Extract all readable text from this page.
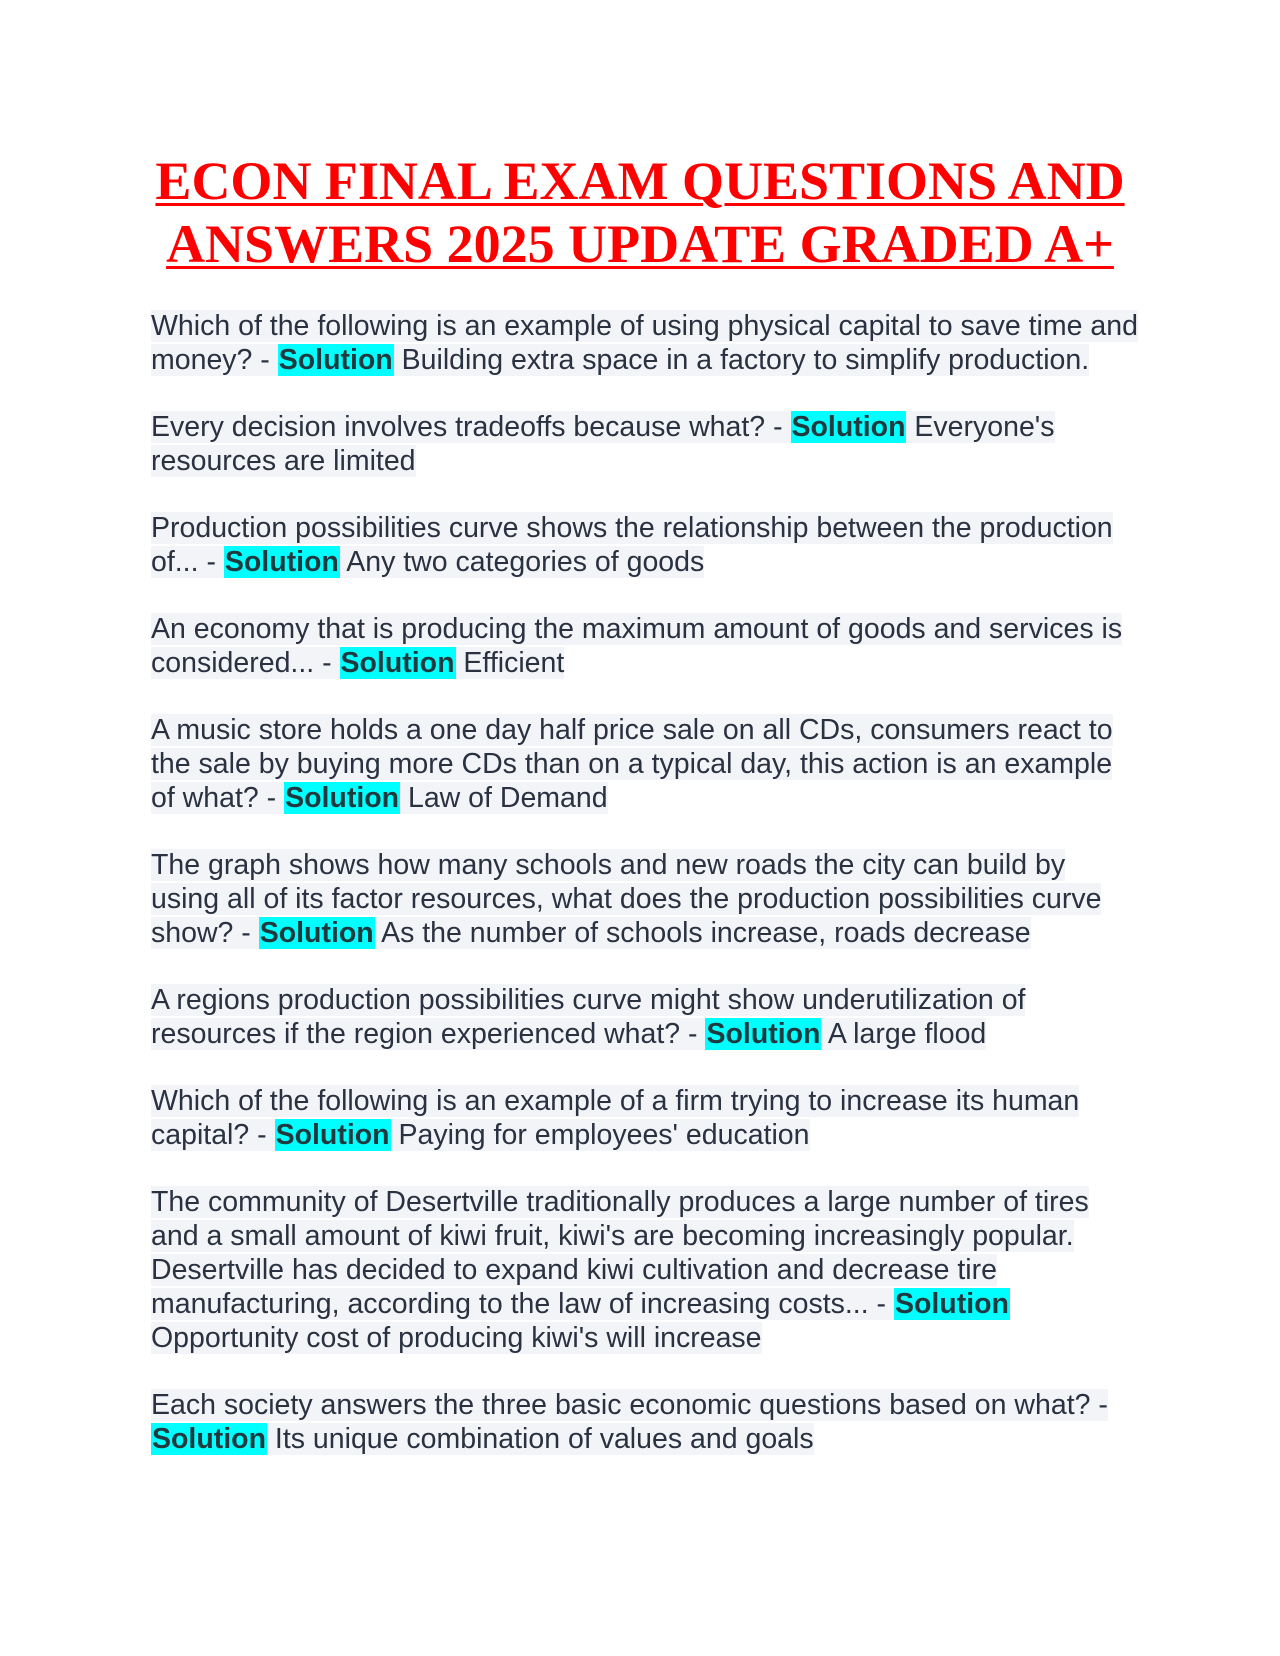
ECON FINAL EXAM QUESTIONS AND ANSWERS 2025 UPDATE GRADED A+

Which of the following is an example of using physical capital to save time and money? - Solution Building extra space in a factory to simplify production.

Every decision involves tradeoffs because what? - Solution Everyone's resources are limited

Production possibilities curve shows the relationship between the production of... - Solution Any two categories of goods

An economy that is producing the maximum amount of goods and services is considered... - Solution Efficient

A music store holds a one day half price sale on all CDs, consumers react to the sale by buying more CDs than on a typical day, this action is an example of what? - Solution Law of Demand

The graph shows how many schools and new roads the city can build by using all of its factor resources, what does the production possibilities curve show? - Solution As the number of schools increase, roads decrease

A regions production possibilities curve might show underutilization of resources if the region experienced what? - Solution A large flood

Which of the following is an example of a firm trying to increase its human capital? - Solution Paying for employees' education

The community of Desertville traditionally produces a large number of tires and a small amount of kiwi fruit, kiwi's are becoming increasingly popular. Desertville has decided to expand kiwi cultivation and decrease tire manufacturing, according to the law of increasing costs... - Solution Opportunity cost of producing kiwi's will increase

Each society answers the three basic economic questions based on what? - Solution Its unique combination of values and goals
